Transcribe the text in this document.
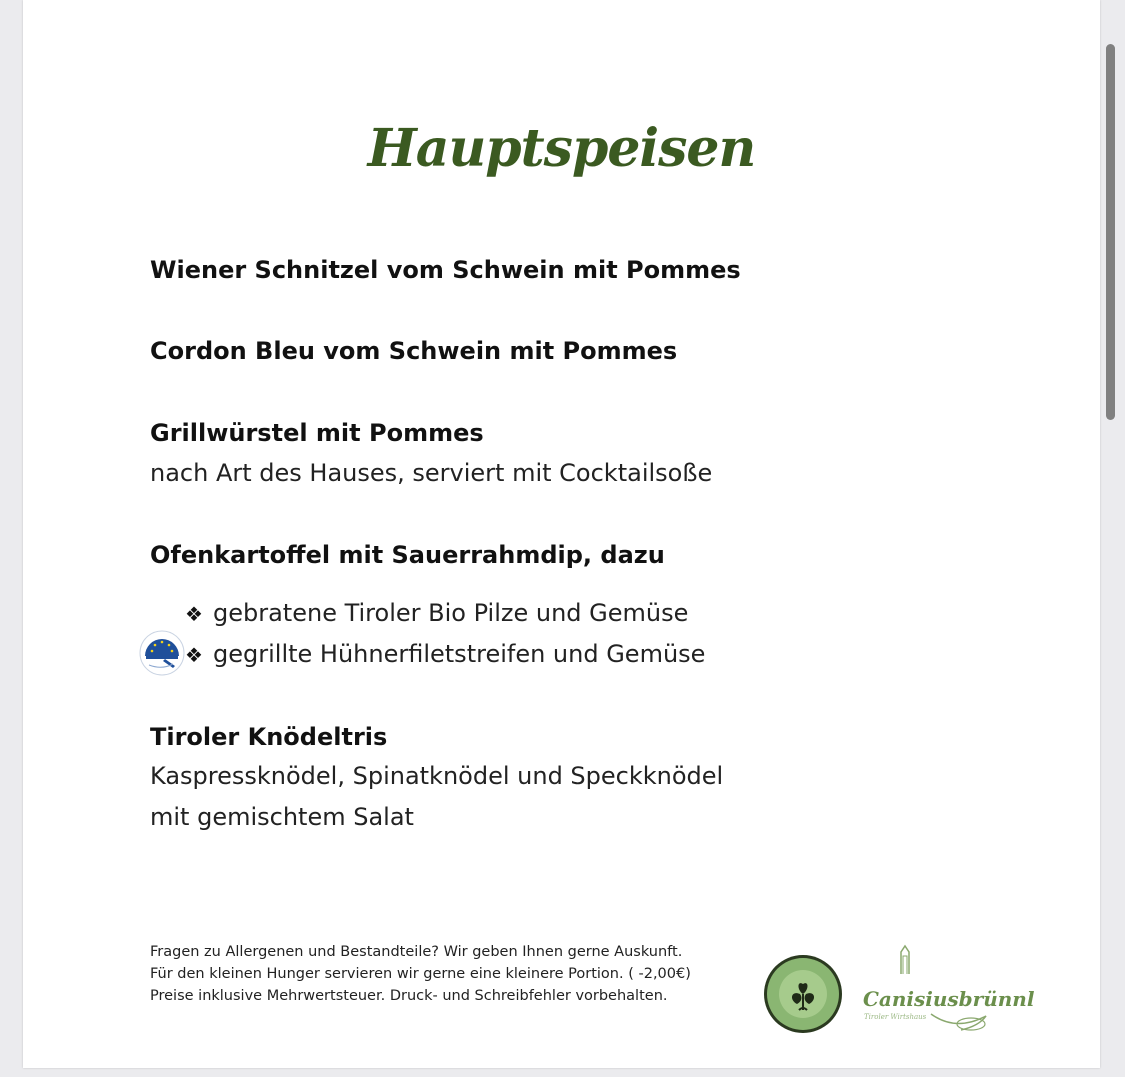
Hauptspeisen
Wiener Schnitzel vom Schwein mit Pommes
Cordon Bleu vom Schwein mit Pommes
Grillwürstel mit Pommes
nach Art des Hauses, serviert mit Cocktailsoße
Ofenkartoffel mit Sauerrahmdip, dazu
❖ gebratene Tiroler Bio Pilze und Gemüse
❖ gegrillte Hühnerfiletstreifen und Gemüse
Tiroler Knödeltris
Kaspressknödel, Spinatknödel und Speckknödel
mit gemischtem Salat
Fragen zu Allergenen und Bestandteile? Wir geben Ihnen gerne Auskunft.
Für den kleinen Hunger servieren wir gerne eine kleinere Portion. ( -2,00€)
Preise inklusive Mehrwertsteuer. Druck- und Schreibfehler vorbehalten.	Canisiusbrünnl
Tiroler Wirtshaus
